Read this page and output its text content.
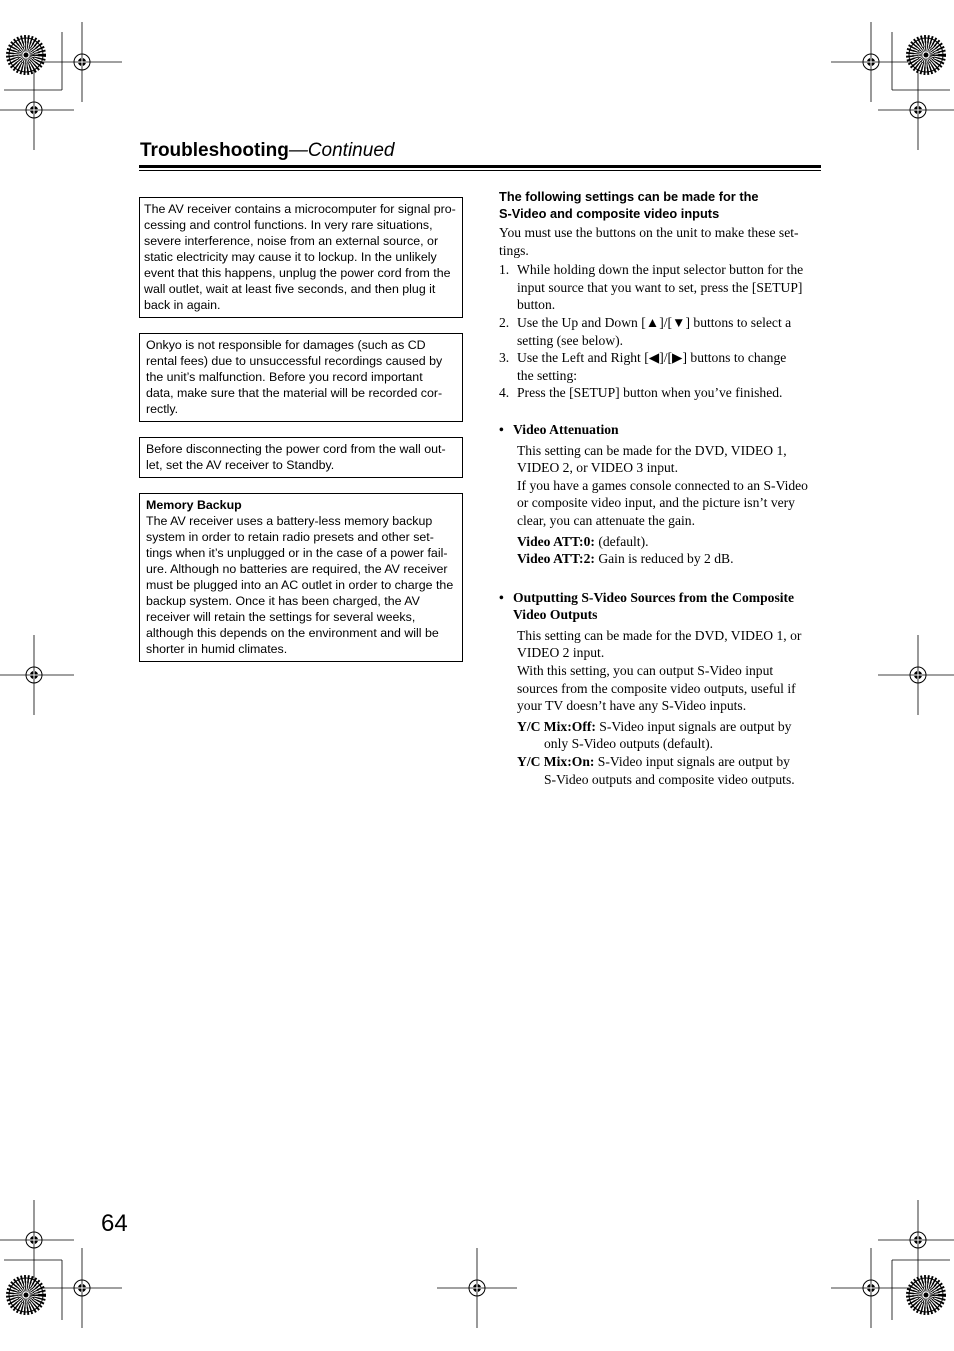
Troubleshooting—Continued
The AV receiver contains a microcomputer for signal pro-
cessing and control functions. In very rare situations,
severe interference, noise from an external source, or
static electricity may cause it to lockup. In the unlikely
event that this happens, unplug the power cord from the
wall outlet, wait at least five seconds, and then plug it
back in again.
Onkyo is not responsible for damages (such as CD
rental fees) due to unsuccessful recordings caused by
the unit’s malfunction. Before you record important
data, make sure that the material will be recorded cor-
rectly.
Before disconnecting the power cord from the wall out-
let, set the AV receiver to Standby.
Memory Backup
The AV receiver uses a battery-less memory backup
system in order to retain radio presets and other set-
tings when it’s unplugged or in the case of a power fail-
ure. Although no batteries are required, the AV receiver
must be plugged into an AC outlet in order to charge the
backup system. Once it has been charged, the AV
receiver will retain the settings for several weeks,
although this depends on the environment and will be
shorter in humid climates.
The following settings can be made for the
S-Video and composite video inputs
You must use the buttons on the unit to make these set-
tings.
1. While holding down the input selector button for the
input source that you want to set, press the [SETUP]
button.
2. Use the Up and Down [▲]/[▼] buttons to select a
setting (see below).
3. Use the Left and Right [◀]/[▶] buttons to change
the setting:
4. Press the [SETUP] button when you’ve finished.
• Video Attenuation
This setting can be made for the DVD, VIDEO 1,
VIDEO 2, or VIDEO 3 input.
If you have a games console connected to an S-Video
or composite video input, and the picture isn’t very
clear, you can attenuate the gain.
Video ATT:0: (default).
Video ATT:2: Gain is reduced by 2 dB.
• Outputting S-Video Sources from the Composite
Video Outputs
This setting can be made for the DVD, VIDEO 1, or
VIDEO 2 input.
With this setting, you can output S-Video input
sources from the composite video outputs, useful if
your TV doesn’t have any S-Video inputs.
Y/C Mix:Off: S-Video input signals are output by
only S-Video outputs (default).
Y/C Mix:On: S-Video input signals are output by
S-Video outputs and composite video outputs.
64
